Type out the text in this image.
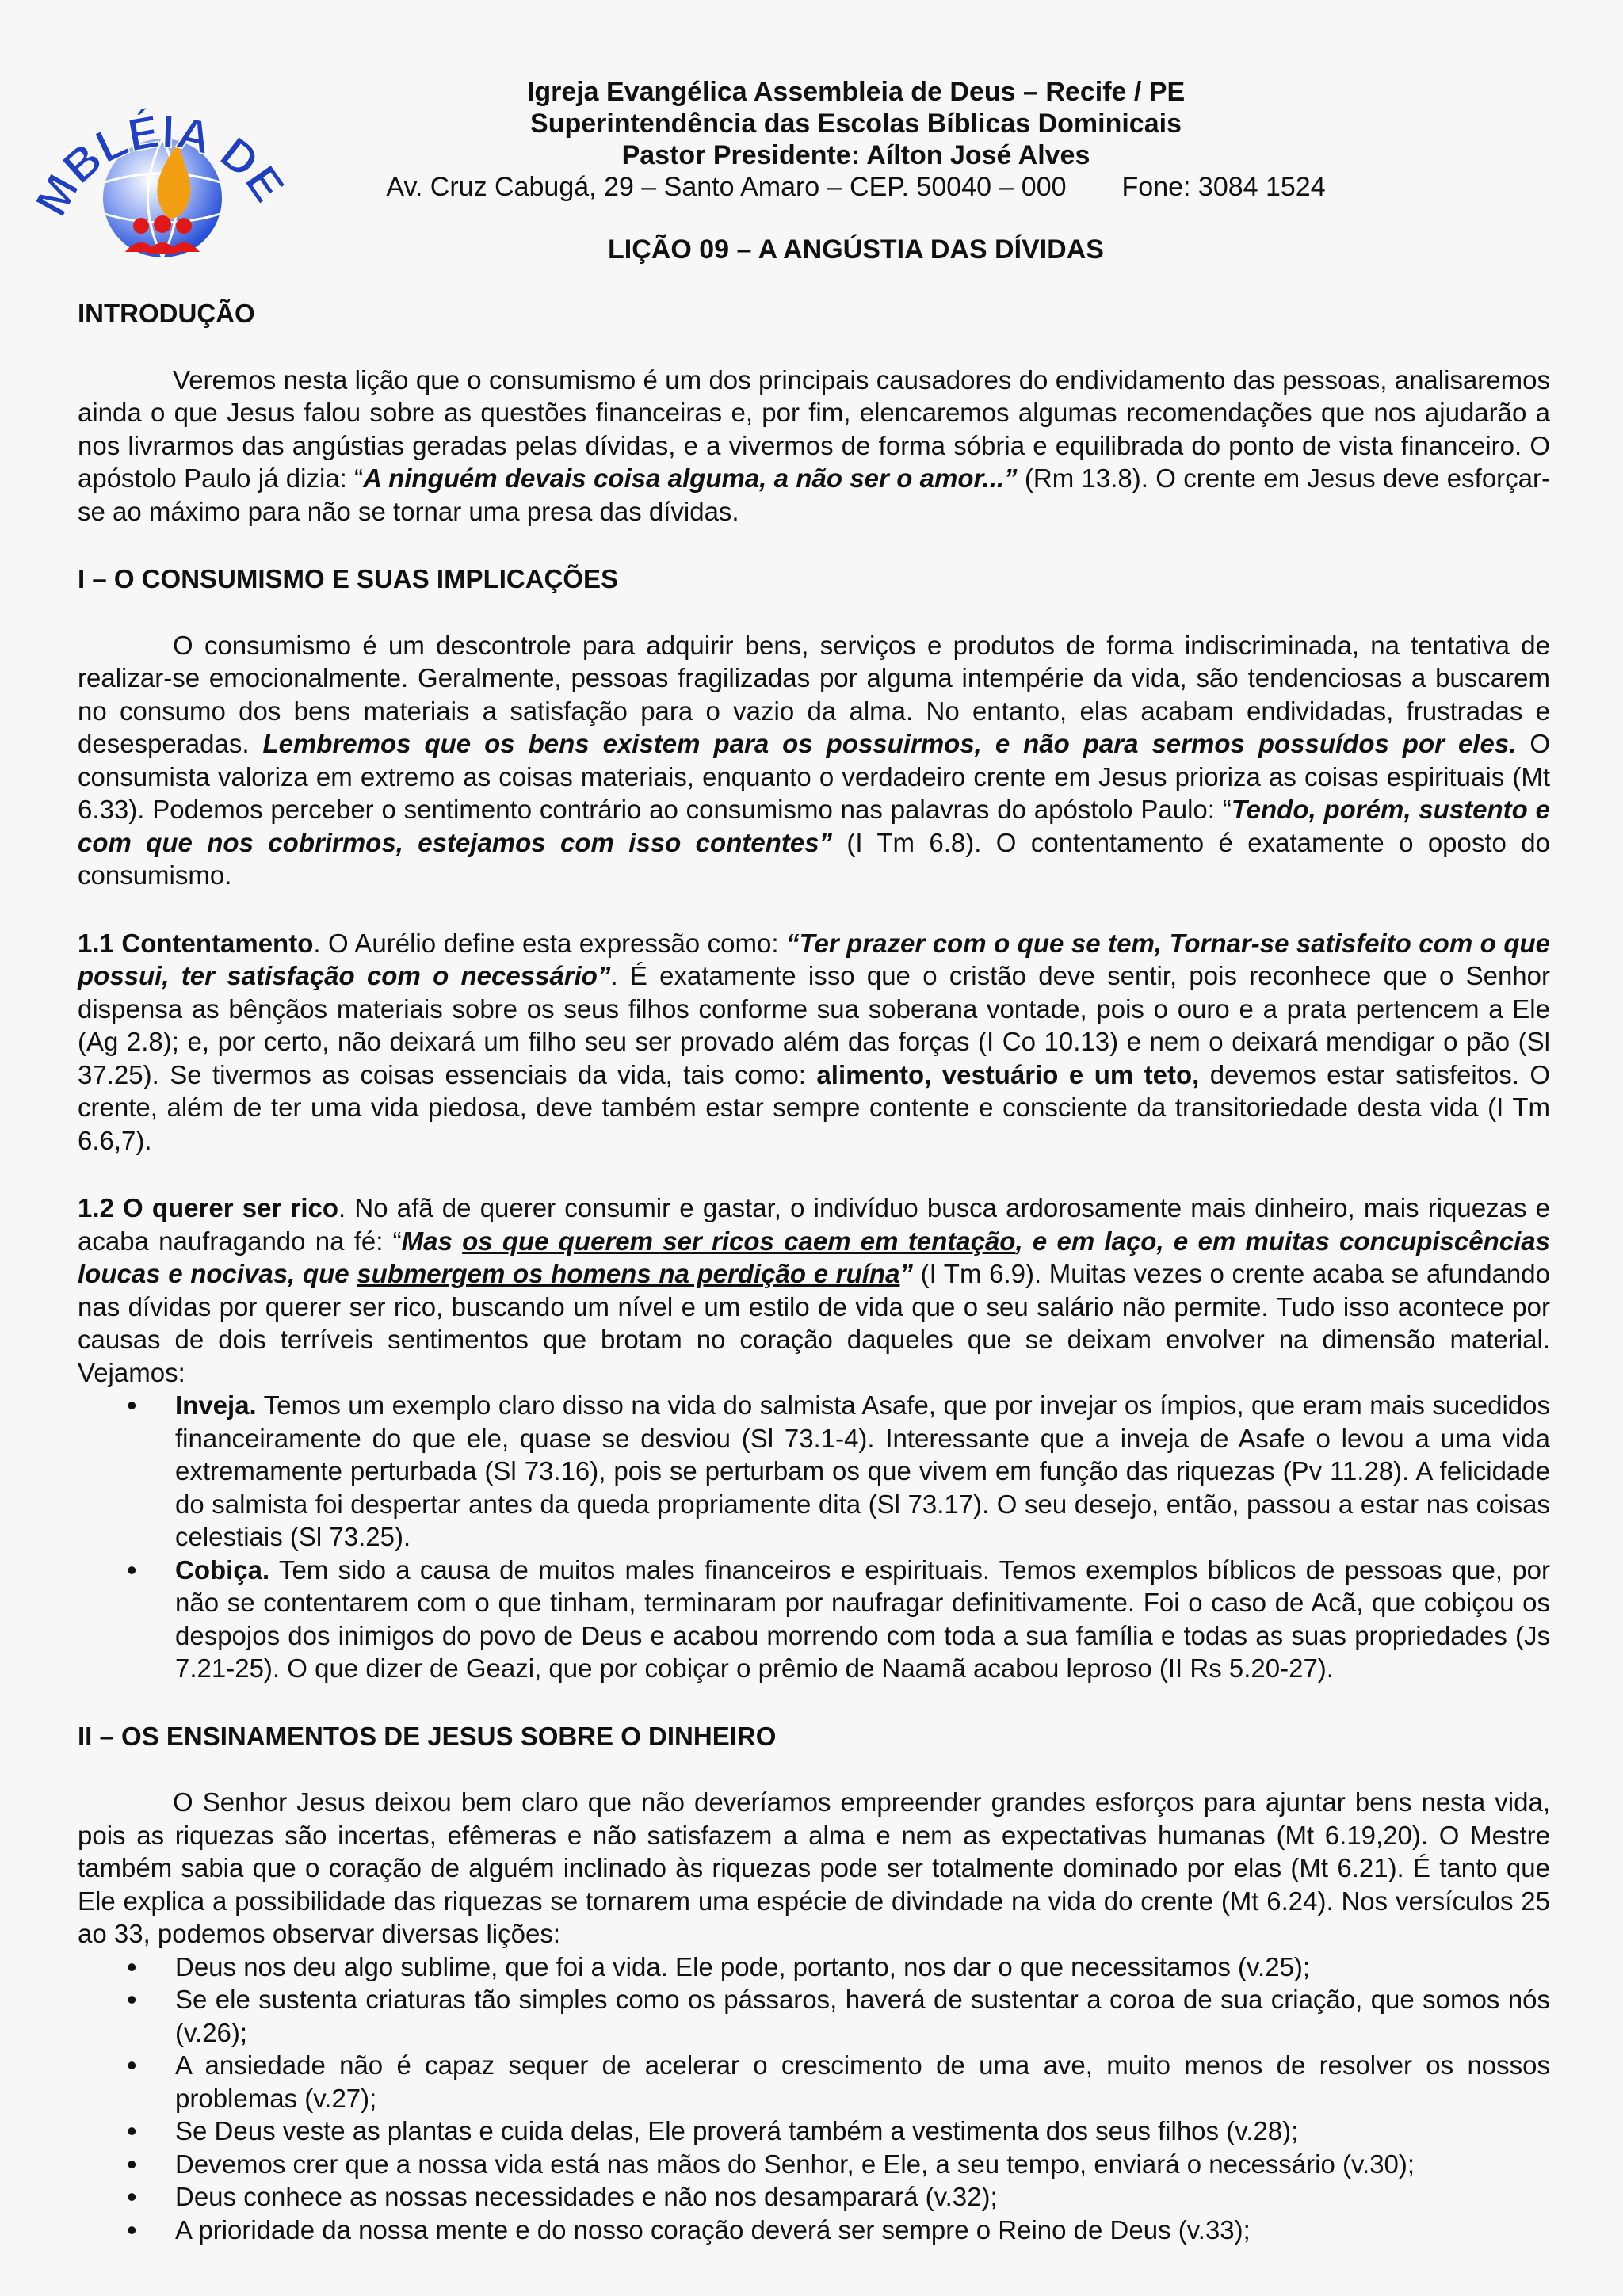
MBLÉIA DE
Igreja Evangélica Assembleia de Deus – Recife / PE
Superintendência das Escolas Bíblicas Dominicais
Pastor Presidente: Aílton José Alves
Av. Cruz Cabugá, 29 – Santo Amaro – CEP. 50040 – 000 Fone: 3084 1524
LIÇÃO 09 – A ANGÚSTIA DAS DÍVIDAS

INTRODUÇÃO

Veremos nesta lição que o consumismo é um dos principais causadores do endividamento das pessoas, analisaremos ainda o que Jesus falou sobre as questões financeiras e, por fim, elencaremos algumas recomendações que nos ajudarão a nos livrarmos das angústias geradas pelas dívidas, e a vivermos de forma sóbria e equilibrada do ponto de vista financeiro. O apóstolo Paulo já dizia: “A ninguém devais coisa alguma, a não ser o amor...” (Rm 13.8). O crente em Jesus deve esforçar-se ao máximo para não se tornar uma presa das dívidas.

I – O CONSUMISMO E SUAS IMPLICAÇÕES

O consumismo é um descontrole para adquirir bens, serviços e produtos de forma indiscriminada, na tentativa de realizar-se emocionalmente. Geralmente, pessoas fragilizadas por alguma intempérie da vida, são tendenciosas a buscarem no consumo dos bens materiais a satisfação para o vazio da alma. No entanto, elas acabam endividadas, frustradas e desesperadas. Lembremos que os bens existem para os possuirmos, e não para sermos possuídos por eles. O consumista valoriza em extremo as coisas materiais, enquanto o verdadeiro crente em Jesus prioriza as coisas espirituais (Mt 6.33). Podemos perceber o sentimento contrário ao consumismo nas palavras do apóstolo Paulo: “Tendo, porém, sustento e com que nos cobrirmos, estejamos com isso contentes” (I Tm 6.8). O contentamento é exatamente o oposto do consumismo.

1.1 Contentamento. O Aurélio define esta expressão como: “Ter prazer com o que se tem, Tornar-se satisfeito com o que possui, ter satisfação com o necessário”. É exatamente isso que o cristão deve sentir, pois reconhece que o Senhor dispensa as bênçãos materiais sobre os seus filhos conforme sua soberana vontade, pois o ouro e a prata pertencem a Ele (Ag 2.8); e, por certo, não deixará um filho seu ser provado além das forças (I Co 10.13) e nem o deixará mendigar o pão (Sl 37.25). Se tivermos as coisas essenciais da vida, tais como: alimento, vestuário e um teto, devemos estar satisfeitos. O crente, além de ter uma vida piedosa, deve também estar sempre contente e consciente da transitoriedade desta vida (I Tm 6.6,7).

1.2 O querer ser rico. No afã de querer consumir e gastar, o indivíduo busca ardorosamente mais dinheiro, mais riquezas e acaba naufragando na fé: “Mas os que querem ser ricos caem em tentação, e em laço, e em muitas concupiscências loucas e nocivas, que submergem os homens na perdição e ruína” (I Tm 6.9). Muitas vezes o crente acaba se afundando nas dívidas por querer ser rico, buscando um nível e um estilo de vida que o seu salário não permite. Tudo isso acontece por causas de dois terríveis sentimentos que brotam no coração daqueles que se deixam envolver na dimensão material. Vejamos:

• Inveja. Temos um exemplo claro disso na vida do salmista Asafe, que por invejar os ímpios, que eram mais sucedidos financeiramente do que ele, quase se desviou (Sl 73.1-4). Interessante que a inveja de Asafe o levou a uma vida extremamente perturbada (Sl 73.16), pois se perturbam os que vivem em função das riquezas (Pv 11.28). A felicidade do salmista foi despertar antes da queda propriamente dita (Sl 73.17). O seu desejo, então, passou a estar nas coisas celestiais (Sl 73.25).
• Cobiça. Tem sido a causa de muitos males financeiros e espirituais. Temos exemplos bíblicos de pessoas que, por não se contentarem com o que tinham, terminaram por naufragar definitivamente. Foi o caso de Acã, que cobiçou os despojos dos inimigos do povo de Deus e acabou morrendo com toda a sua família e todas as suas propriedades (Js 7.21-25). O que dizer de Geazi, que por cobiçar o prêmio de Naamã acabou leproso (II Rs 5.20-27).

II – OS ENSINAMENTOS DE JESUS SOBRE O DINHEIRO

O Senhor Jesus deixou bem claro que não deveríamos empreender grandes esforços para ajuntar bens nesta vida, pois as riquezas são incertas, efêmeras e não satisfazem a alma e nem as expectativas humanas (Mt 6.19,20). O Mestre também sabia que o coração de alguém inclinado às riquezas pode ser totalmente dominado por elas (Mt 6.21). É tanto que Ele explica a possibilidade das riquezas se tornarem uma espécie de divindade na vida do crente (Mt 6.24). Nos versículos 25 ao 33, podemos observar diversas lições:

• Deus nos deu algo sublime, que foi a vida. Ele pode, portanto, nos dar o que necessitamos (v.25);
• Se ele sustenta criaturas tão simples como os pássaros, haverá de sustentar a coroa de sua criação, que somos nós (v.26);
• A ansiedade não é capaz sequer de acelerar o crescimento de uma ave, muito menos de resolver os nossos problemas (v.27);
• Se Deus veste as plantas e cuida delas, Ele proverá também a vestimenta dos seus filhos (v.28);
• Devemos crer que a nossa vida está nas mãos do Senhor, e Ele, a seu tempo, enviará o necessário (v.30);
• Deus conhece as nossas necessidades e não nos desamparará (v.32);
• A prioridade da nossa mente e do nosso coração deverá ser sempre o Reino de Deus (v.33);
